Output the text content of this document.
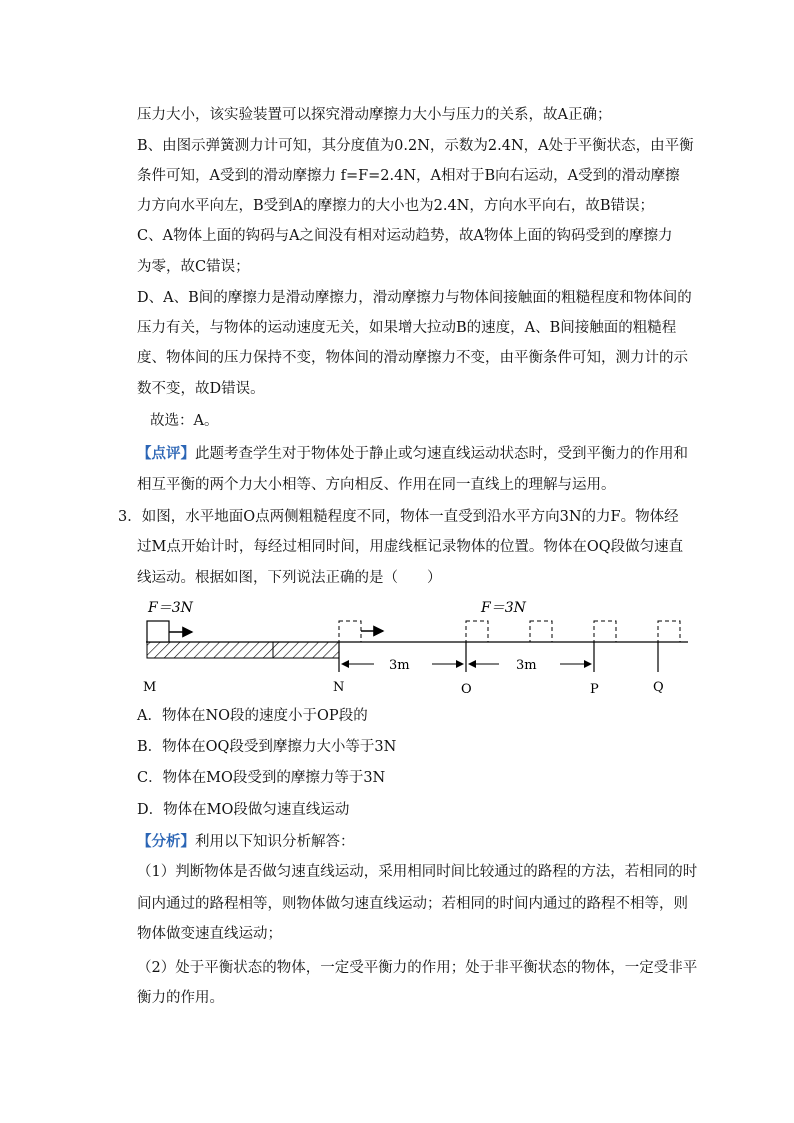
压力大小，该实验装置可以探究滑动摩擦力大小与压力的关系，故A正确；
B、由图示弹簧测力计可知，其分度值为0.2N，示数为2.4N，A处于平衡状态，由平衡
条件可知，A受到的滑动摩擦力 f=F=2.4N，A相对于B向右运动，A受到的滑动摩擦
力方向水平向左，B受到A的摩擦力的大小也为2.4N，方向水平向右，故B错误；
C、A物体上面的钩码与A之间没有相对运动趋势，故A物体上面的钩码受到的摩擦力
为零，故C错误；
D、A、B间的摩擦力是滑动摩擦力，滑动摩擦力与物体间接触面的粗糙程度和物体间的
压力有关，与物体的运动速度无关，如果增大拉动B的速度，A、B间接触面的粗糙程
度、物体间的压力保持不变，物体间的滑动摩擦力不变，由平衡条件可知，测力计的示
数不变，故D错误。
故选：A。
【点评】此题考查学生对于物体处于静止或匀速直线运动状态时，受到平衡力的作用和
相互平衡的两个力大小相等、方向相反、作用在同一直线上的理解与运用。
3．如图，水平地面O点两侧粗糙程度不同，物体一直受到沿水平方向3N的力F。物体经
过M点开始计时，每经过相同时间，用虚线框记录物体的位置。物体在OQ段做匀速直
线运动。根据如图，下列说法正确的是（　　）
F＝3N	F＝3N
3m	3m
M	N	O	P	Q
A．物体在NO段的速度小于OP段的
B．物体在OQ段受到摩擦力大小等于3N
C．物体在MO段受到的摩擦力等于3N
D．物体在MO段做匀速直线运动
【分析】利用以下知识分析解答：
（1）判断物体是否做匀速直线运动，采用相同时间比较通过的路程的方法，若相同的时
间内通过的路程相等，则物体做匀速直线运动；若相同的时间内通过的路程不相等，则
物体做变速直线运动；
（2）处于平衡状态的物体，一定受平衡力的作用；处于非平衡状态的物体，一定受非平
衡力的作用。
